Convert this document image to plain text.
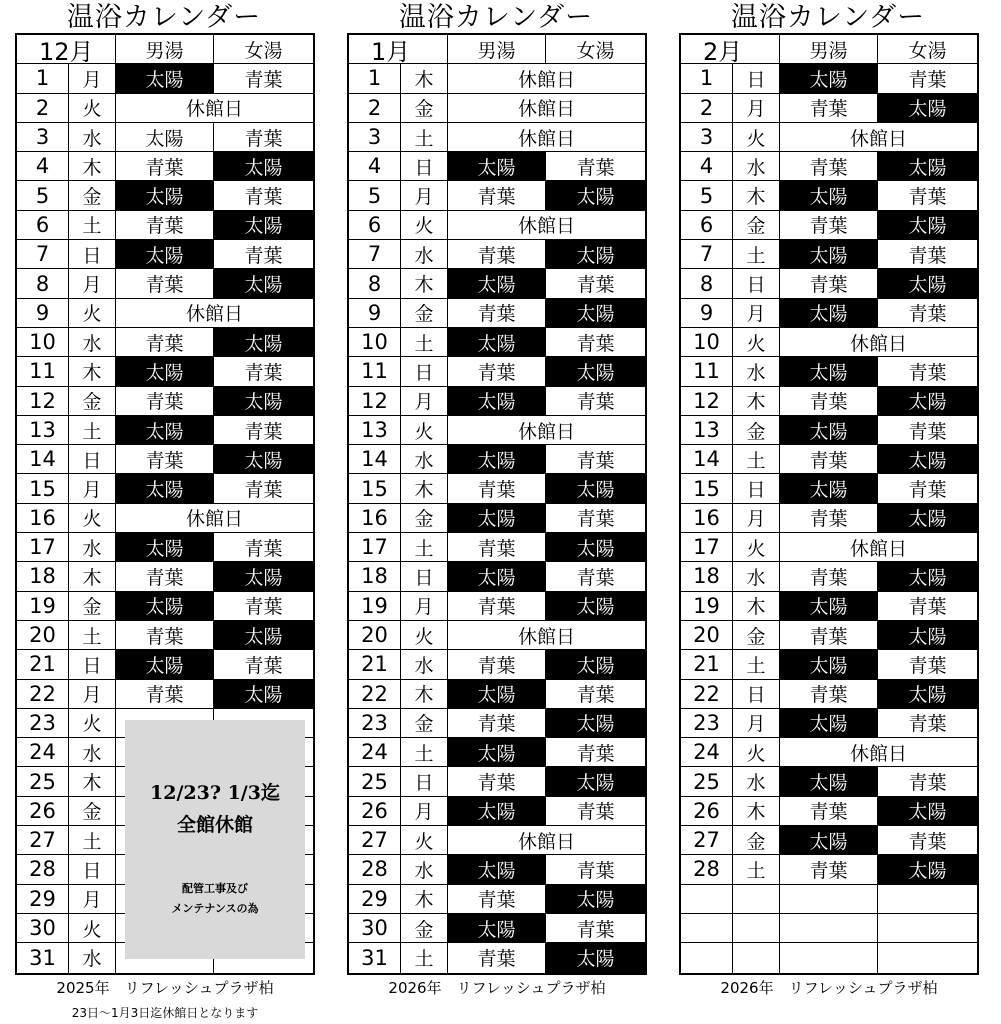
温浴カレンダー
12月	男湯	女湯
1	月	太陽	青葉
2	火	休館日
3	水	太陽	青葉
4	木	青葉	太陽
5	金	太陽	青葉
6	土	青葉	太陽
7	日	太陽	青葉
8	月	青葉	太陽
9	火	休館日
10	水	青葉	太陽
11	木	太陽	青葉
12	金	青葉	太陽
13	土	太陽	青葉
14	日	青葉	太陽
15	月	太陽	青葉
16	火	休館日
17	水	太陽	青葉
18	木	青葉	太陽
19	金	太陽	青葉
20	土	青葉	太陽
21	日	太陽	青葉
22	月	青葉	太陽
23	火
24	水
25	木
26	金
27	土
28	日
29	月
30	火
31	水
2025年　リフレッシュプラザ柏
23日～1月3日迄休館日となります
温浴カレンダー
1月	男湯	女湯
1	木	休館日
2	金	休館日
3	土	休館日
4	日	太陽	青葉
5	月	青葉	太陽
6	火	休館日
7	水	青葉	太陽
8	木	太陽	青葉
9	金	青葉	太陽
10	土	太陽	青葉
11	日	青葉	太陽
12	月	太陽	青葉
13	火	休館日
14	水	太陽	青葉
15	木	青葉	太陽
16	金	太陽	青葉
17	土	青葉	太陽
18	日	太陽	青葉
19	月	青葉	太陽
20	火	休館日
21	水	青葉	太陽
22	木	太陽	青葉
23	金	青葉	太陽
24	土	太陽	青葉
25	日	青葉	太陽
26	月	太陽	青葉
27	火	休館日
28	水	太陽	青葉
29	木	青葉	太陽
30	金	太陽	青葉
31	土	青葉	太陽
2026年　リフレッシュプラザ柏
温浴カレンダー
2月	男湯	女湯
1	日	太陽	青葉
2	月	青葉	太陽
3	火	休館日
4	水	青葉	太陽
5	木	太陽	青葉
6	金	青葉	太陽
7	土	太陽	青葉
8	日	青葉	太陽
9	月	太陽	青葉
10	火	休館日
11	水	太陽	青葉
12	木	青葉	太陽
13	金	太陽	青葉
14	土	青葉	太陽
15	日	太陽	青葉
16	月	青葉	太陽
17	火	休館日
18	水	青葉	太陽
19	木	太陽	青葉
20	金	青葉	太陽
21	土	太陽	青葉
22	日	青葉	太陽
23	月	太陽	青葉
24	火	休館日
25	水	太陽	青葉
26	木	青葉	太陽
27	金	太陽	青葉
28	土	青葉	太陽
2026年　リフレッシュプラザ柏
12/23? 1/3迄
全館休館
配管工事及び
メンテナンスの為
